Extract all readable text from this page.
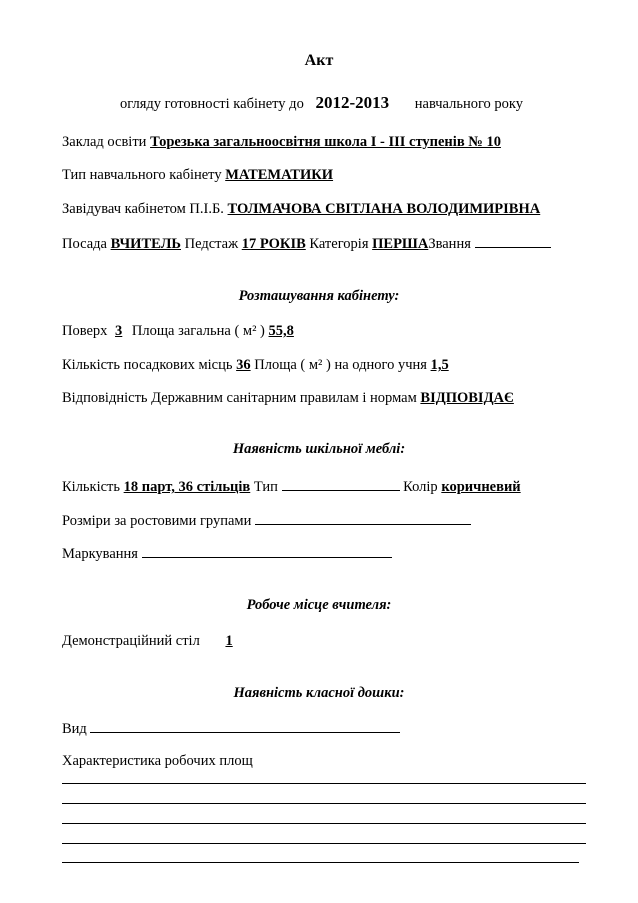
Акт
огляду готовності кабінету до 2012-2013 навчального року
Заклад освіти Торезька загальноосвітня школа I - III ступенів № 10
Тип навчального кабінету МАТЕМАТИКИ
Завідувач кабінетом П.І.Б. ТОЛМАЧОВА СВІТЛАНА ВОЛОДИМИРІВНА
Посада ВЧИТЕЛЬ Педстаж 17 РОКІВ Категорія ПЕРШАЗвання
Розташування кабінету:
Поверх 3 Площа загальна ( м² ) 55,8
Кількість посадкових місць 36 Площа ( м² ) на одного учня 1,5
Відповідність Державним санітарним правилам і нормам ВІДПОВІДАЄ
Наявність шкільної меблі:
Кількість 18 парт, 36 стільців Тип	Колір коричневий
Розміри за ростовими групами
Маркування
Робоче місце вчителя:
Демонстраційний стіл 1
Наявність класної дошки:
Вид
Характеристика робочих площ
